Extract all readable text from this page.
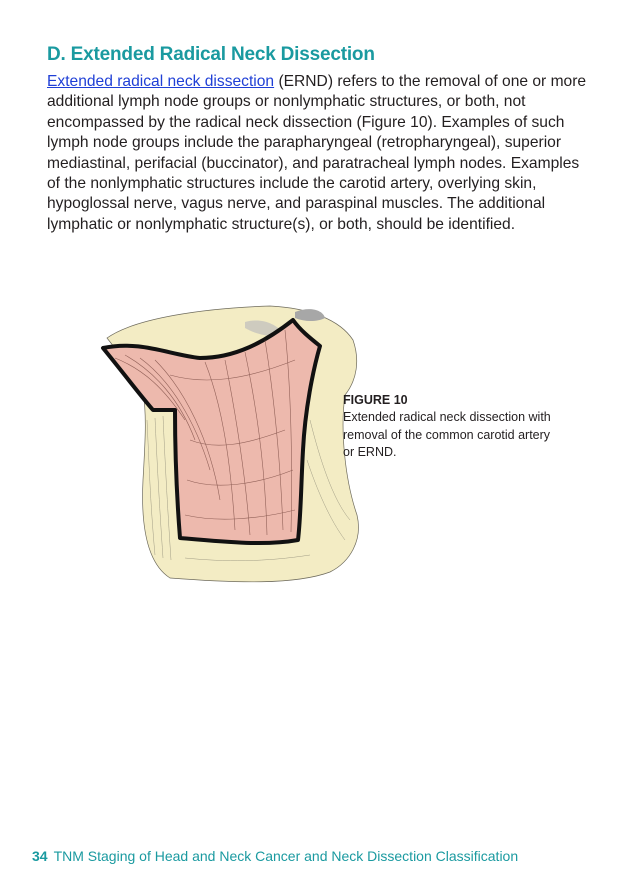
D. Extended Radical Neck Dissection

Extended radical neck dissection (ERND) refers to the removal of one or more additional lymph node groups or nonlymphatic structures, or both, not encompassed by the radical neck dissection (Figure 10). Examples of such lymph node groups include the parapharyngeal (retropharyngeal), superior mediastinal, perifacial (buccinator), and paratracheal lymph nodes. Examples of the nonlymphatic structures include the carotid artery, overlying skin, hypoglossal nerve, vagus nerve, and paraspinal muscles. The additional lymphatic or nonlymphatic structure(s), or both, should be identified.

FIGURE 10

Extended radical neck dissection with removal of the common carotid artery or ERND.

34 TNM Staging of Head and Neck Cancer and Neck Dissection Classification
